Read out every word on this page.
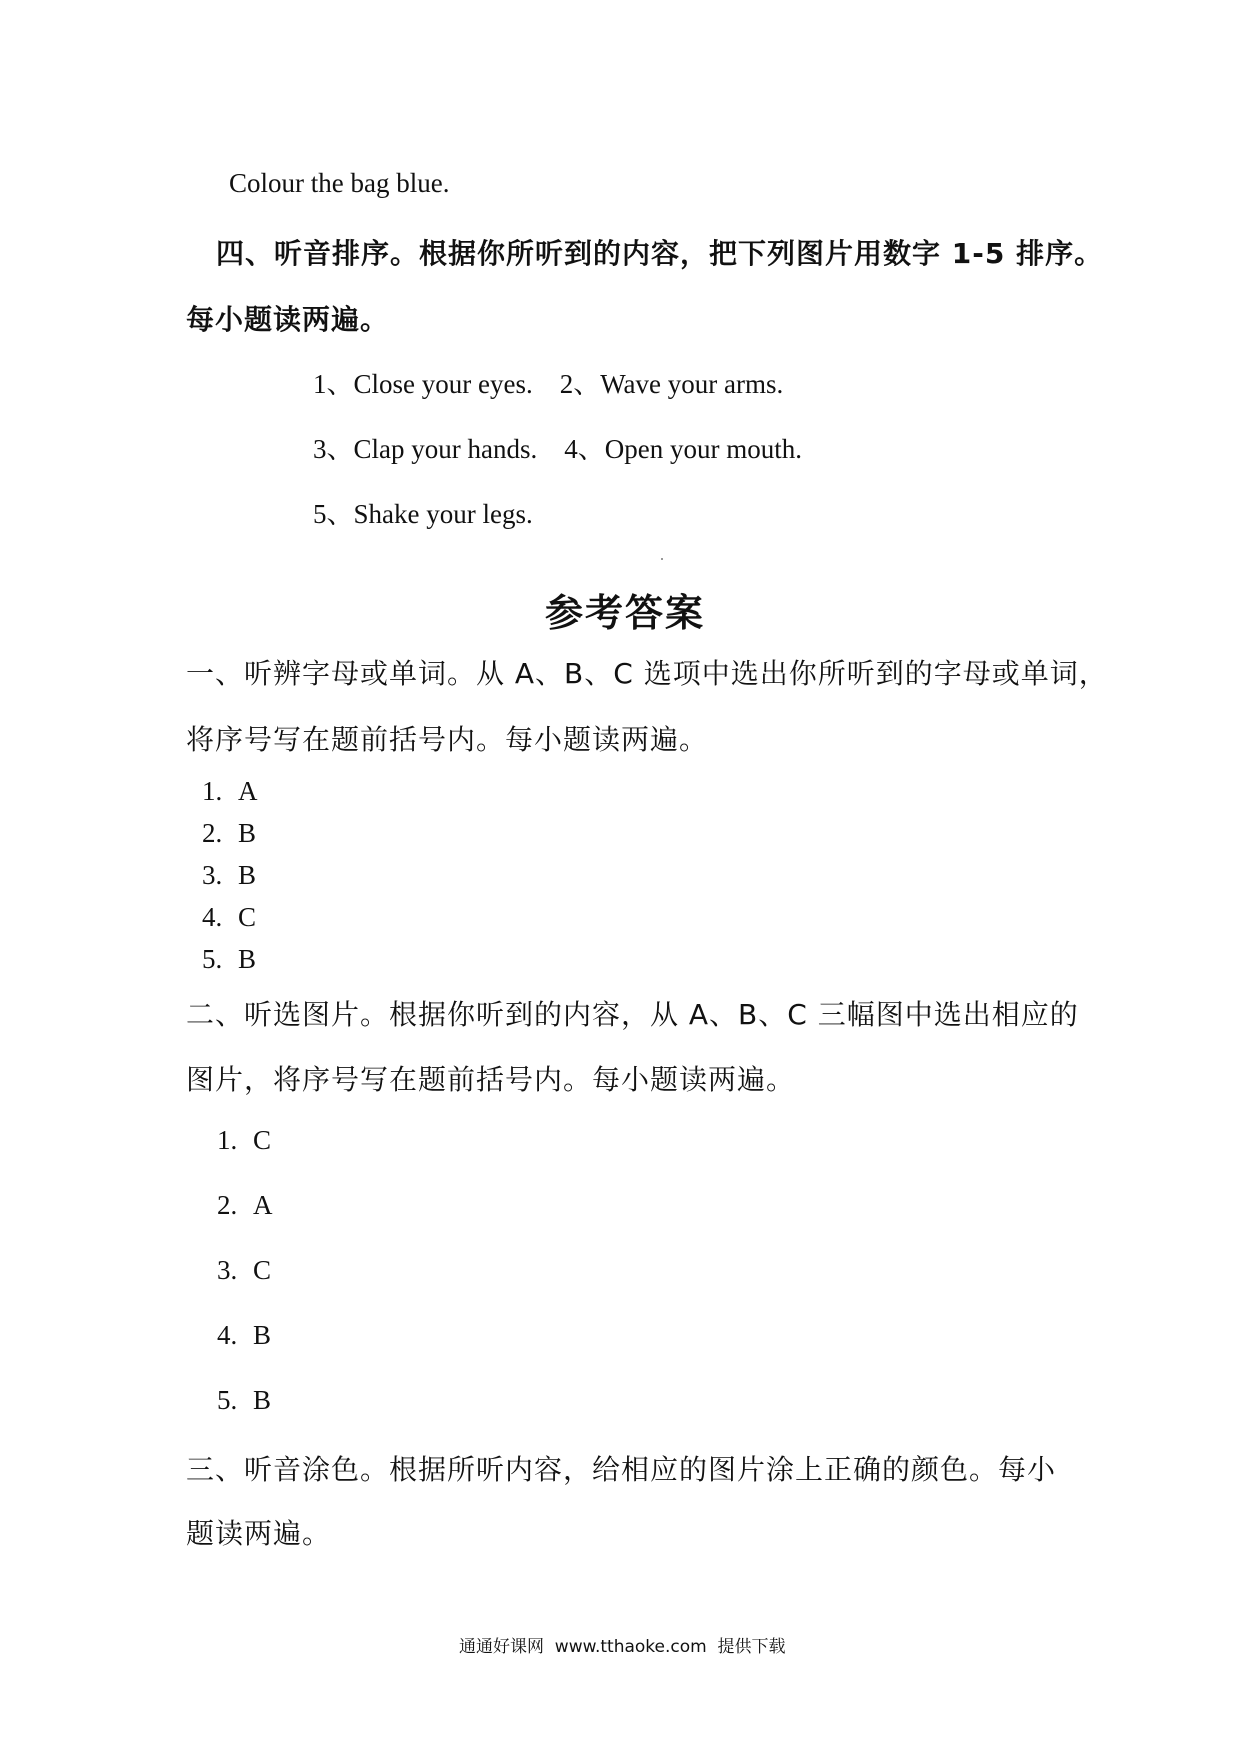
Colour the bag blue.
四、听音排序。根据你所听到的内容，把下列图片用数字 1-5 排序。
每小题读两遍。
1、Close your eyes.    2、Wave your arms.
3、Clap your hands.    4、Open your mouth.
5、Shake your legs.
参考答案
一、听辨字母或单词。从 A、B、C 选项中选出你所听到的字母或单词，
将序号写在题前括号内。每小题读两遍。
1. A
2. B
3. B
4. C
5. B
二、听选图片。根据你听到的内容，从 A、B、C 三幅图中选出相应的
图片，将序号写在题前括号内。每小题读两遍。
1. C
2. A
3. C
4. B
5. B
三、听音涂色。根据所听内容，给相应的图片涂上正确的颜色。每小
题读两遍。
通通好课网  www.tthaoke.com  提供下载
